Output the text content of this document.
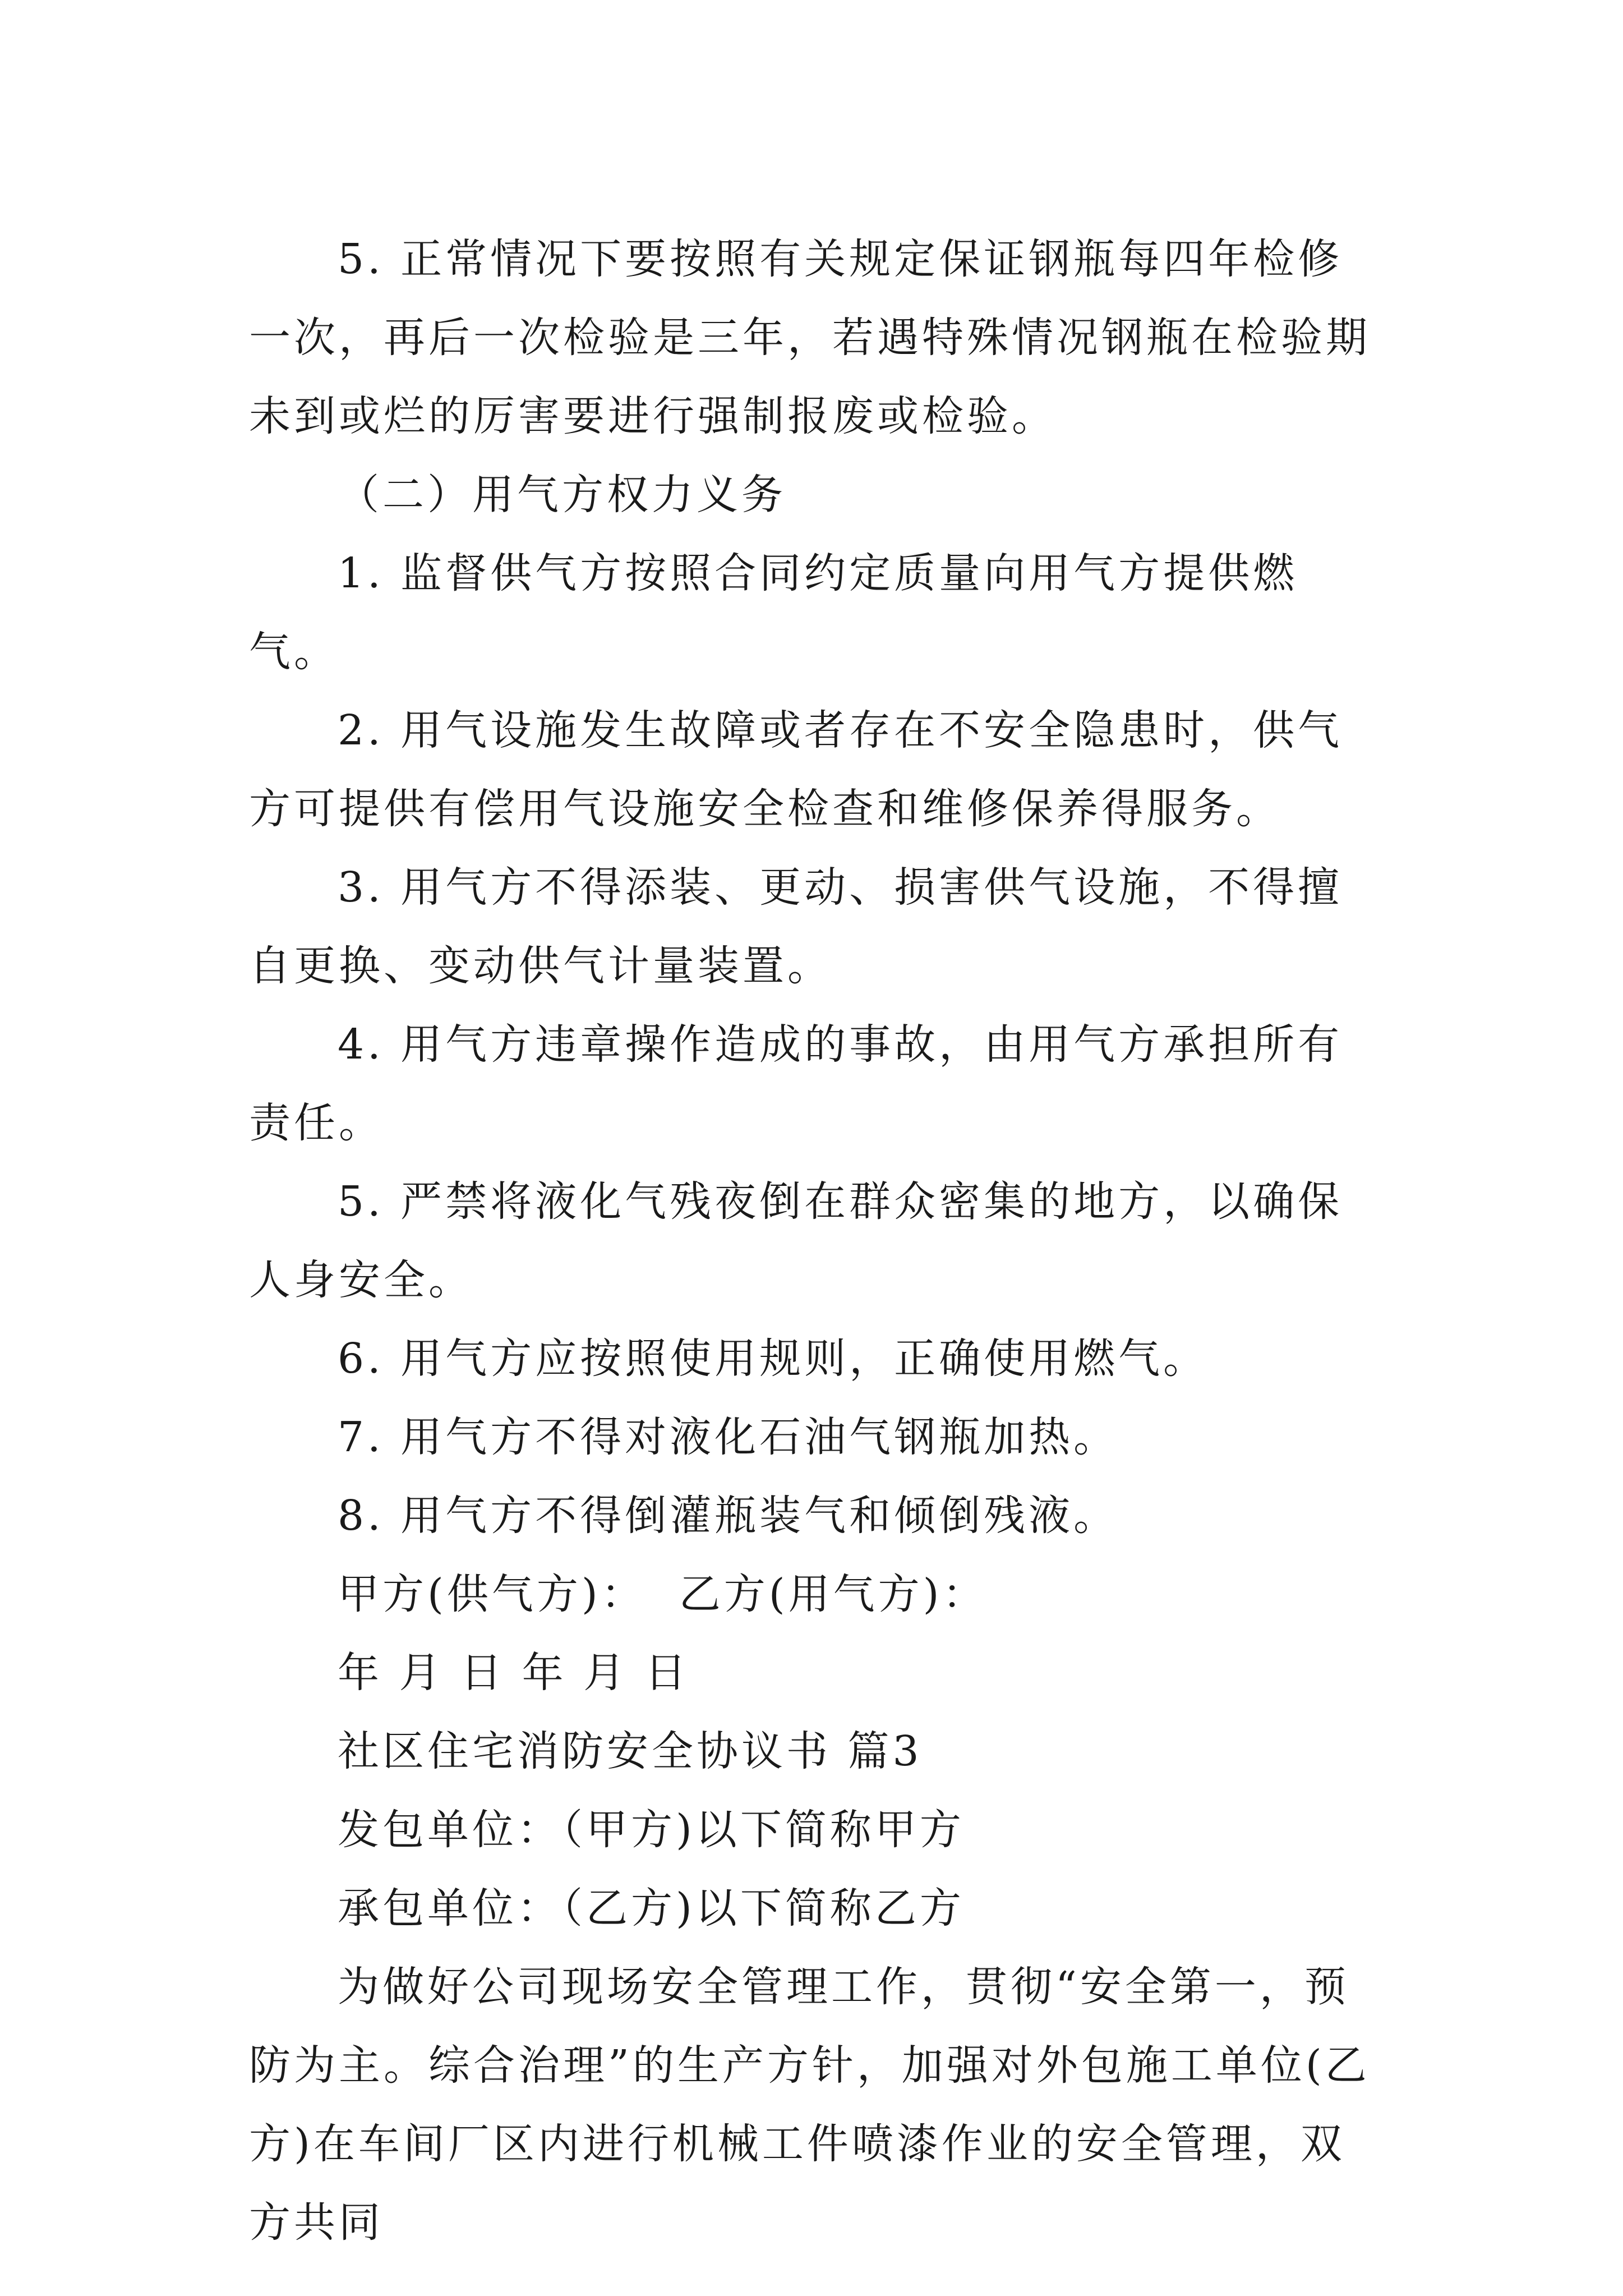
5. 正常情况下要按照有关规定保证钢瓶每四年检修一次，再后一次检验是三年，若遇特殊情况钢瓶在检验期未到或烂的厉害要进行强制报废或检验。

（二）用气方权力义务

1. 监督供气方按照合同约定质量向用气方提供燃气。

2. 用气设施发生故障或者存在不安全隐患时，供气方可提供有偿用气设施安全检查和维修保养得服务。

3. 用气方不得添装、更动、损害供气设施，不得擅自更换、变动供气计量装置。

4. 用气方违章操作造成的事故，由用气方承担所有责任。

5. 严禁将液化气残夜倒在群众密集的地方，以确保人身安全。

6. 用气方应按照使用规则，正确使用燃气。

7. 用气方不得对液化石油气钢瓶加热。

8. 用气方不得倒灌瓶装气和倾倒残液。

甲方(供气方)：  乙方(用气方)：

年 月 日 年 月 日

社区住宅消防安全协议书 篇3

发包单位：（甲方)以下简称甲方

承包单位：（乙方)以下简称乙方

为做好公司现场安全管理工作，贯彻“安全第一，预防为主。综合治理”的生产方针，加强对外包施工单位(乙方)在车间厂区内进行机械工件喷漆作业的安全管理，双方共同
